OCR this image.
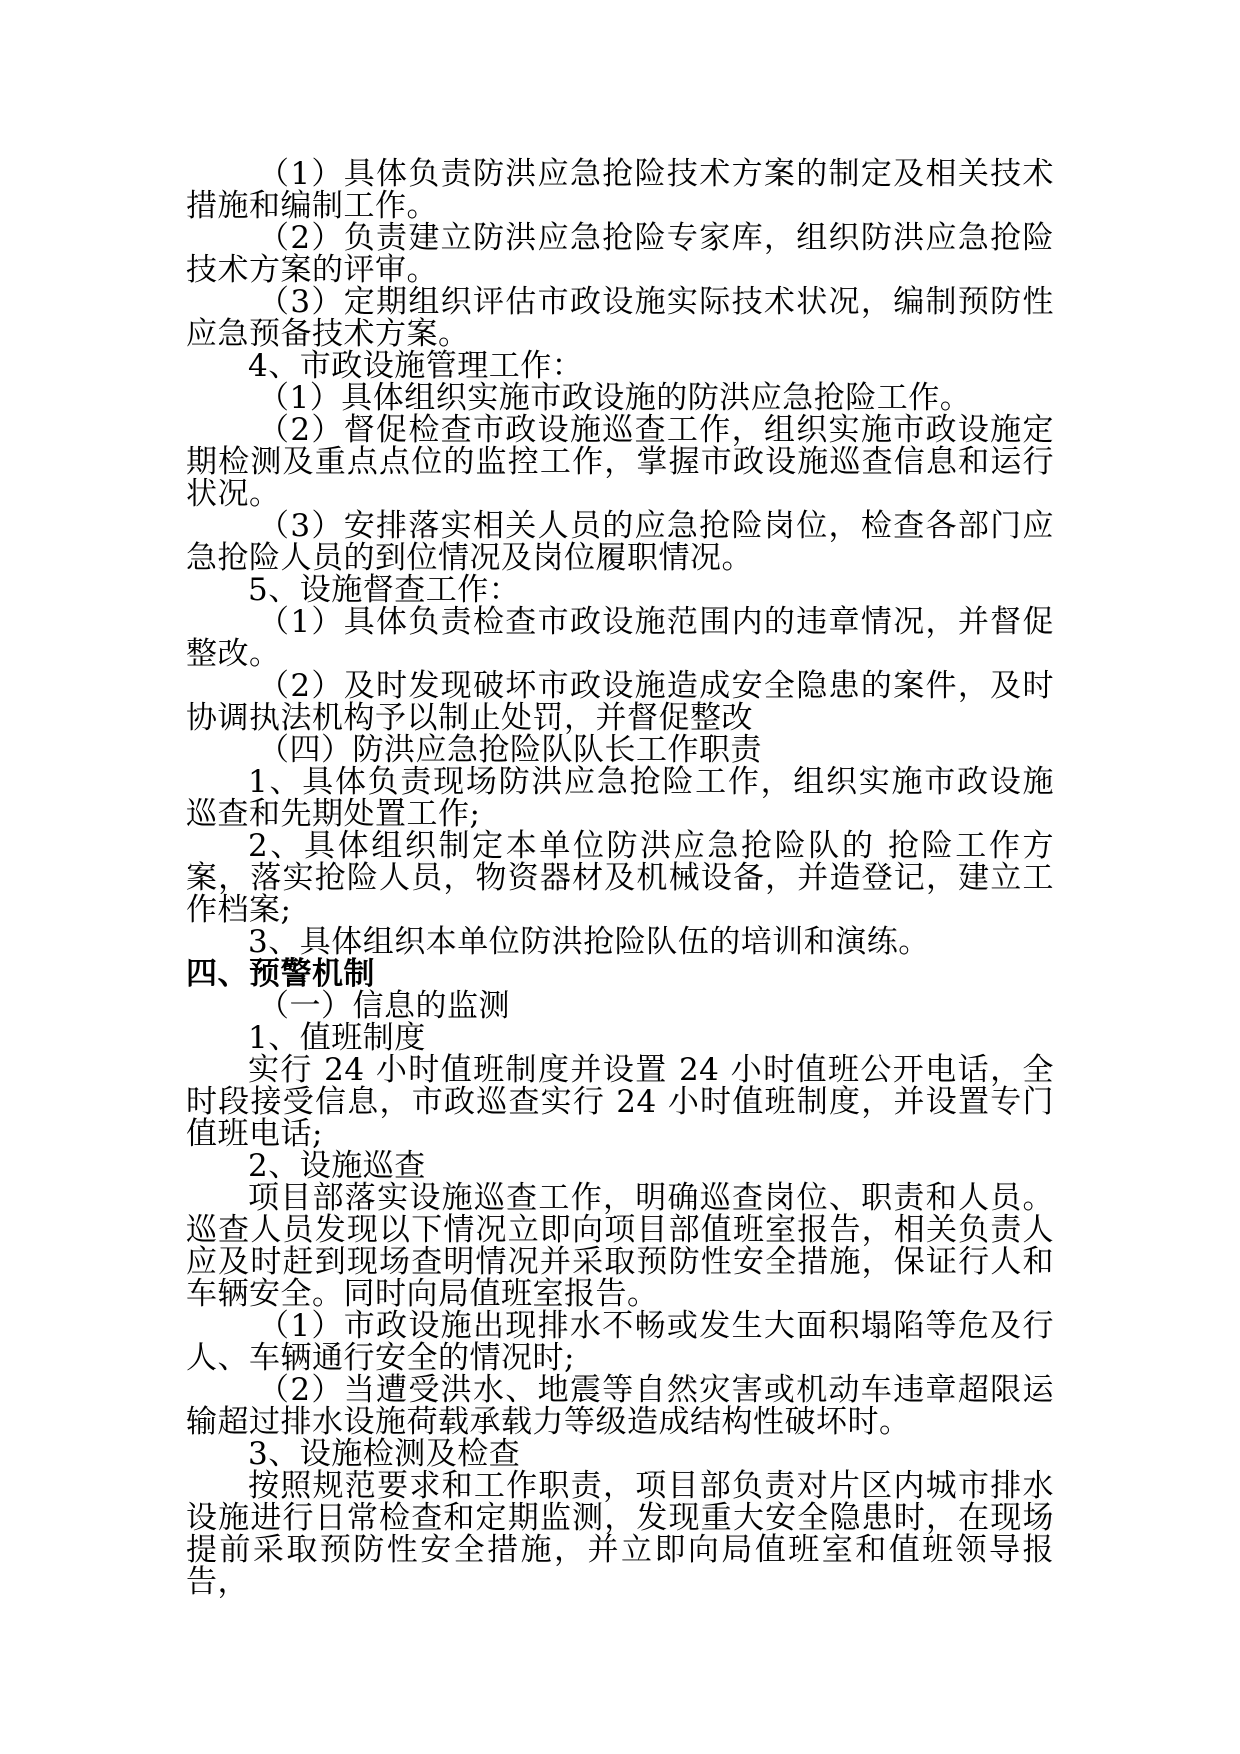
（1）具体负责防洪应急抢险技术方案的制定及相关技术措施和编制工作。

（2）负责建立防洪应急抢险专家库，组织防洪应急抢险技术方案的评审。

（3）定期组织评估市政设施实际技术状况，编制预防性应急预备技术方案。

4、市政设施管理工作：

（1）具体组织实施市政设施的防洪应急抢险工作。

（2）督促检查市政设施巡查工作，组织实施市政设施定期检测及重点点位的监控工作，掌握市政设施巡查信息和运行状况。

（3）安排落实相关人员的应急抢险岗位，检查各部门应急抢险人员的到位情况及岗位履职情况。

5、设施督查工作：

（1）具体负责检查市政设施范围内的违章情况，并督促整改。

（2）及时发现破坏市政设施造成安全隐患的案件，及时协调执法机构予以制止处罚，并督促整改

（四）防洪应急抢险队队长工作职责

1、具体负责现场防洪应急抢险工作，组织实施市政设施巡查和先期处置工作;

2、具体组织制定本单位防洪应急抢险队的 抢险工作方案，落实抢险人员，物资器材及机械设备，并造登记，建立工作档案;

3、具体组织本单位防洪抢险队伍的培训和演练。

四、预警机制

（一）信息的监测

1、值班制度

实行 24 小时值班制度并设置 24 小时值班公开电话，全时段接受信息，市政巡查实行 24 小时值班制度，并设置专门值班电话;

2、设施巡查

项目部落实设施巡查工作，明确巡查岗位、职责和人员。巡查人员发现以下情况立即向项目部值班室报告，相关负责人应及时赶到现场查明情况并采取预防性安全措施，保证行人和车辆安全。同时向局值班室报告。

（1）市政设施出现排水不畅或发生大面积塌陷等危及行人、车辆通行安全的情况时;

（2）当遭受洪水、地震等自然灾害或机动车违章超限运输超过排水设施荷载承载力等级造成结构性破坏时。

3、设施检测及检查

按照规范要求和工作职责，项目部负责对片区内城市排水设施进行日常检查和定期监测，发现重大安全隐患时，在现场提前采取预防性安全措施，并立即向局值班室和值班领导报告，
